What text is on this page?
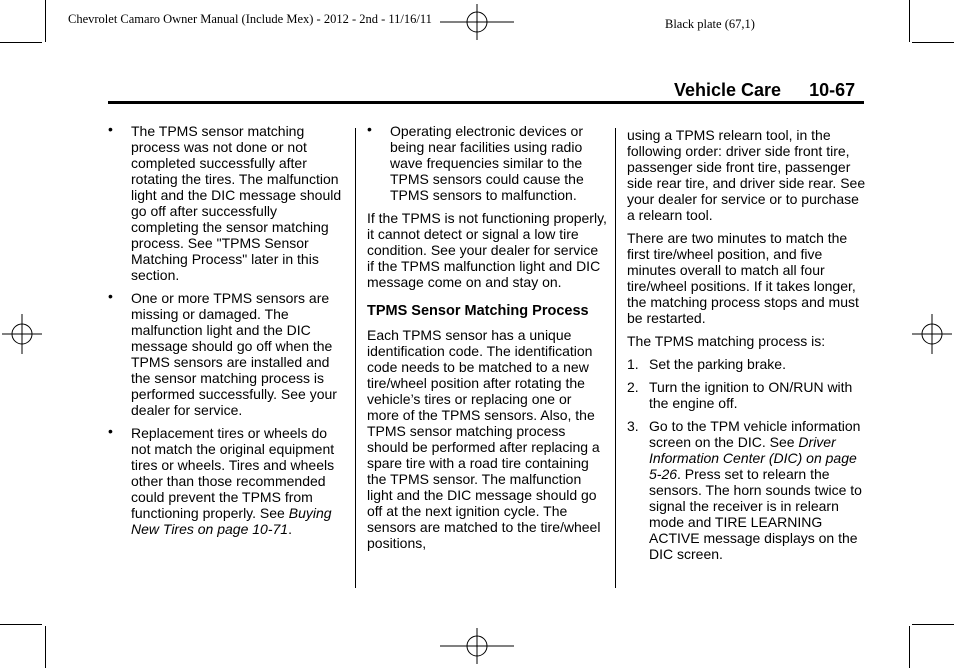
Chevrolet Camaro Owner Manual (Include Mex) - 2012 - 2nd - 11/16/11	Black plate (67,1)
Vehicle Care 10-67
• The TPMS sensor matching process was not done or not completed successfully after rotating the tires. The malfunction light and the DIC message should go off after successfully completing the sensor matching process. See "TPMS Sensor Matching Process" later in this section.
• One or more TPMS sensors are missing or damaged. The malfunction light and the DIC message should go off when the TPMS sensors are installed and the sensor matching process is performed successfully. See your dealer for service.
• Replacement tires or wheels do not match the original equipment tires or wheels. Tires and wheels other than those recommended could prevent the TPMS from functioning properly. See Buying New Tires on page 10-71.
• Operating electronic devices or being near facilities using radio wave frequencies similar to the TPMS sensors could cause the TPMS sensors to malfunction.

If the TPMS is not functioning properly, it cannot detect or signal a low tire condition. See your dealer for service if the TPMS malfunction light and DIC message come on and stay on.

TPMS Sensor Matching Process

Each TPMS sensor has a unique identification code. The identification code needs to be matched to a new tire/wheel position after rotating the vehicle’s tires or replacing one or more of the TPMS sensors. Also, the TPMS sensor matching process should be performed after replacing a spare tire with a road tire containing the TPMS sensor. The malfunction light and the DIC message should go off at the next ignition cycle. The sensors are matched to the tire/wheel positions,

using a TPMS relearn tool, in the following order: driver side front tire, passenger side front tire, passenger side rear tire, and driver side rear. See your dealer for service or to purchase a relearn tool.

There are two minutes to match the first tire/wheel position, and five minutes overall to match all four tire/wheel positions. If it takes longer, the matching process stops and must be restarted.

The TPMS matching process is:

1. Set the parking brake.
2. Turn the ignition to ON/RUN with the engine off.
3. Go to the TPM vehicle information screen on the DIC. See Driver Information Center (DIC) on page 5-26. Press set to relearn the sensors. The horn sounds twice to signal the receiver is in relearn mode and TIRE LEARNING ACTIVE message displays on the DIC screen.
